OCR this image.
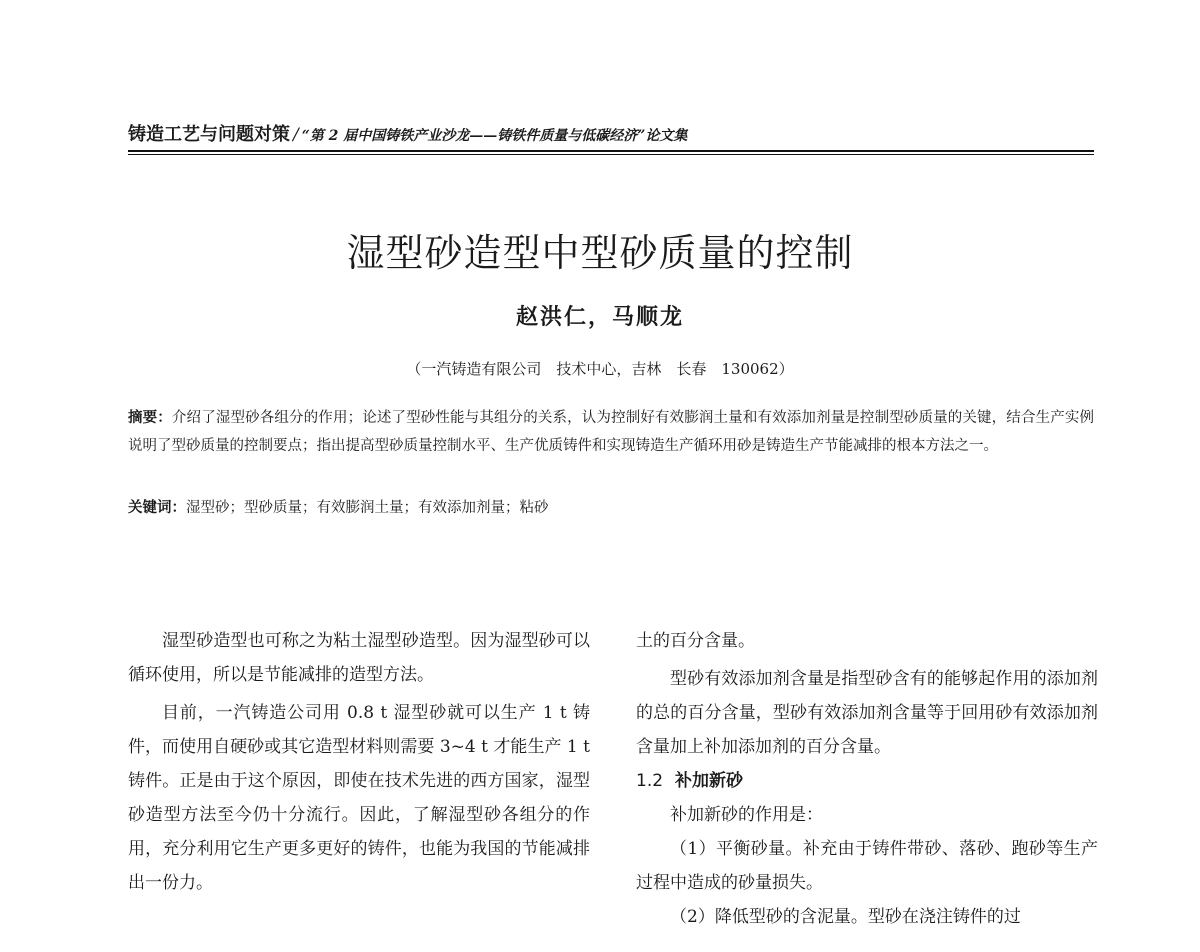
铸造工艺与问题对策 / “第 2 届中国铸铁产业沙龙——铸铁件质量与低碳经济”论文集
湿型砂造型中型砂质量的控制
赵洪仁，马顺龙
（一汽铸造有限公司　技术中心，吉林　长春　130062）

摘要：介绍了湿型砂各组分的作用；论述了型砂性能与其组分的关系，认为控制好有效膨润土量和有效添加剂量是控制型砂质量的关键，结合生产实例说明了型砂质量的控制要点；指出提高型砂质量控制水平、生产优质铸件和实现铸造生产循环用砂是铸造生产节能减排的根本方法之一。

关键词：湿型砂；型砂质量；有效膨润土量；有效添加剂量；粘砂

湿型砂造型也可称之为粘土湿型砂造型。因为湿型砂可以循环使用，所以是节能减排的造型方法。

目前，一汽铸造公司用 0.8 t 湿型砂就可以生产 1 t 铸件，而使用自硬砂或其它造型材料则需要 3~4 t 才能生产 1 t 铸件。正是由于这个原因，即使在技术先进的西方国家，湿型砂造型方法至今仍十分流行。因此，了解湿型砂各组分的作用，充分利用它生产更多更好的铸件，也能为我国的节能减排出一份力。

土的百分含量。

型砂有效添加剂含量是指型砂含有的能够起作用的添加剂的总的百分含量，型砂有效添加剂含量等于回用砂有效添加剂含量加上补加添加剂的百分含量。

1.2 补加新砂

补加新砂的作用是：

（1）平衡砂量。补充由于铸件带砂、落砂、跑砂等生产过程中造成的砂量损失。

（2）降低型砂的含泥量。型砂在浇注铸件的过
